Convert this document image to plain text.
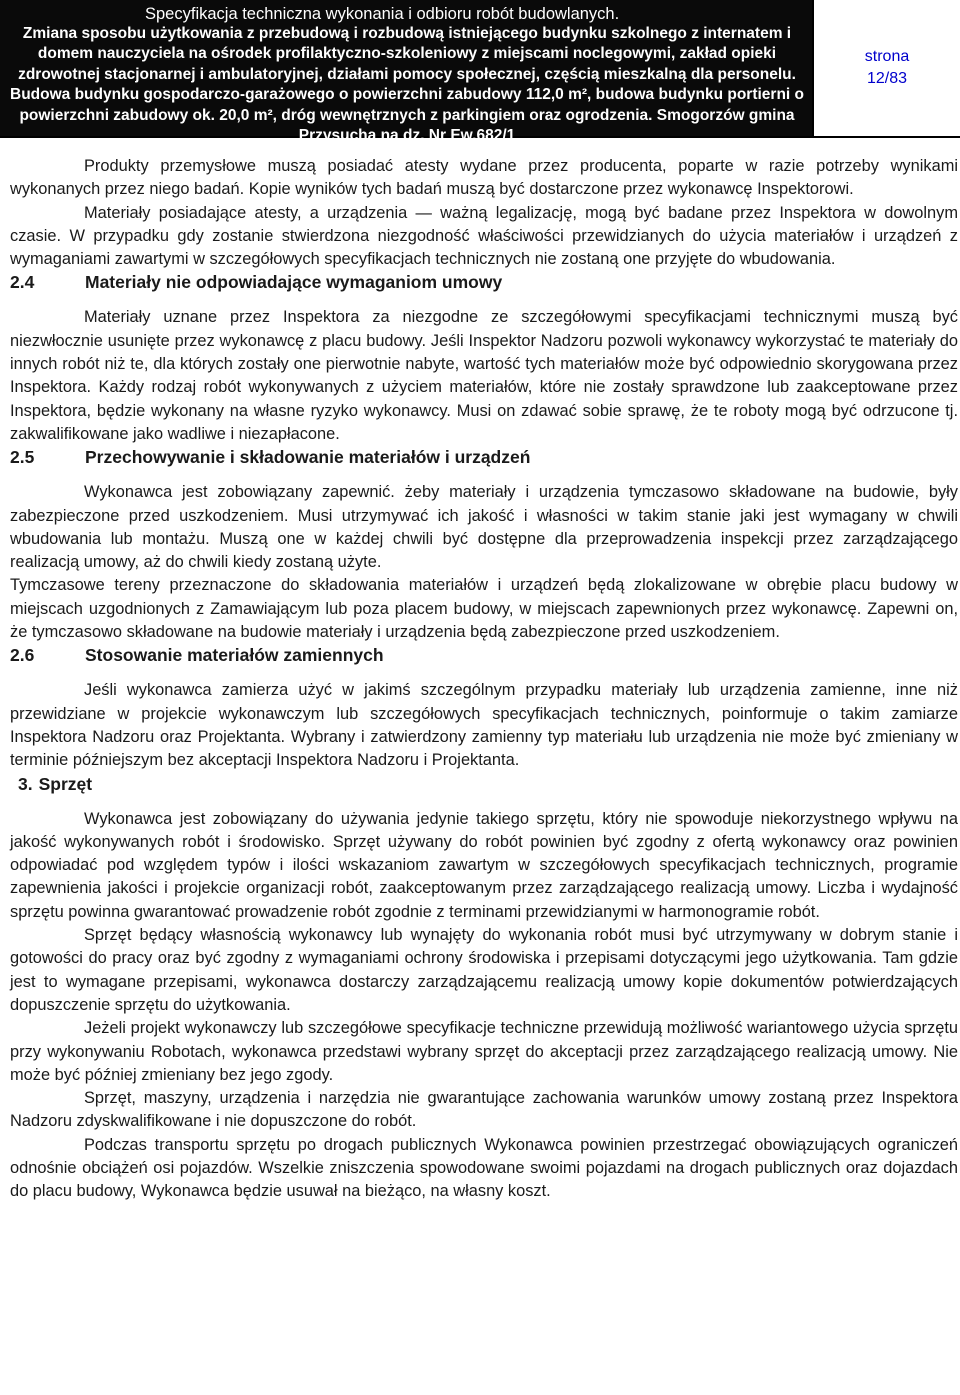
Specyfikacja techniczna wykonania i odbioru robót budowlanych.
Zmiana sposobu użytkowania z przebudową i rozbudową istniejącego budynku szkolnego z internatem i domem nauczyciela na ośrodek profilaktyczno-szkoleniowy z miejscami noclegowymi, zakład opieki zdrowotnej stacjonarnej i ambulatoryjnej, działami pomocy społecznej, częścią mieszkalną dla personelu. Budowa budynku gospodarczo-garażowego o powierzchni zabudowy 112,0 m², budowa budynku portierni o powierzchni zabudowy ok. 20,0 m², dróg wewnętrznych z parkingiem oraz ogrodzenia. Smogorzów gmina Przysucha na dz. Nr Ew.682/1
strona
12/83

Produkty przemysłowe muszą posiadać atesty wydane przez producenta, poparte w razie potrzeby wynikami wykonanych przez niego badań. Kopie wyników tych badań muszą być dostarczone przez wykonawcę Inspektorowi.

Materiały posiadające atesty, a urządzenia — ważną legalizację, mogą być badane przez Inspektora w dowolnym czasie. W przypadku gdy zostanie stwierdzona niezgodność właściwości przewidzianych do użycia materiałów i urządzeń z wymaganiami zawartymi w szczegółowych specyfikacjach technicznych nie zostaną one przyjęte do wbudowania.

2.4	Materiały nie odpowiadające wymaganiom umowy

Materiały uznane przez Inspektora za niezgodne ze szczegółowymi specyfikacjami technicznymi muszą być niezwłocznie usunięte przez wykonawcę z placu budowy. Jeśli Inspektor Nadzoru pozwoli wykonawcy wykorzystać te materiały do innych robót niż te, dla których zostały one pierwotnie nabyte, wartość tych materiałów może być odpowiednio skorygowana przez Inspektora. Każdy rodzaj robót wykonywanych z użyciem materiałów, które nie zostały sprawdzone lub zaakceptowane przez Inspektora, będzie wykonany na własne ryzyko wykonawcy. Musi on zdawać sobie sprawę, że te roboty mogą być odrzucone tj. zakwalifikowane jako wadliwe i niezapłacone.

2.5	Przechowywanie i składowanie materiałów i urządzeń

Wykonawca jest zobowiązany zapewnić. żeby materiały i urządzenia tymczasowo składowane na budowie, były zabezpieczone przed uszkodzeniem. Musi utrzymywać ich jakość i własności w takim stanie jaki jest wymagany w chwili wbudowania lub montażu. Muszą one w każdej chwili być dostępne dla przeprowadzenia inspekcji przez zarządzającego realizacją umowy, aż do chwili kiedy zostaną użyte.

Tymczasowe tereny przeznaczone do składowania materiałów i urządzeń będą zlokalizowane w obrębie placu budowy w miejscach uzgodnionych z Zamawiającym lub poza placem budowy, w miejscach zapewnionych przez wykonawcę. Zapewni on, że tymczasowo składowane na budowie materiały i urządzenia będą zabezpieczone przed uszkodzeniem.

2.6	Stosowanie materiałów zamiennych

Jeśli wykonawca zamierza użyć w jakimś szczególnym przypadku materiały lub urządzenia zamienne, inne niż przewidziane w projekcie wykonawczym lub szczegółowych specyfikacjach technicznych, poinformuje o takim zamiarze Inspektora Nadzoru oraz Projektanta. Wybrany i zatwierdzony zamienny typ materiału lub urządzenia nie może być zmieniany w terminie późniejszym bez akceptacji Inspektora Nadzoru i Projektanta.

3. Sprzęt

Wykonawca jest zobowiązany do używania jedynie takiego sprzętu, który nie spowoduje niekorzystnego wpływu na jakość wykonywanych robót i środowisko. Sprzęt używany do robót powinien być zgodny z ofertą wykonawcy oraz powinien odpowiadać pod względem typów i ilości wskazaniom zawartym w szczegółowych specyfikacjach technicznych, programie zapewnienia jakości i projekcie organizacji robót, zaakceptowanym przez zarządzającego realizacją umowy. Liczba i wydajność sprzętu powinna gwarantować prowadzenie robót zgodnie z terminami przewidzianymi w harmonogramie robót.

Sprzęt będący własnością wykonawcy lub wynajęty do wykonania robót musi być utrzymywany w dobrym stanie i gotowości do pracy oraz być zgodny z wymaganiami ochrony środowiska i przepisami dotyczącymi jego użytkowania. Tam gdzie jest to wymagane przepisami, wykonawca dostarczy zarządzającemu realizacją umowy kopie dokumentów potwierdzających dopuszczenie sprzętu do użytkowania.

Jeżeli projekt wykonawczy lub szczegółowe specyfikacje techniczne przewidują możliwość wariantowego użycia sprzętu przy wykonywaniu Robotach, wykonawca przedstawi wybrany sprzęt do akceptacji przez zarządzającego realizacją umowy. Nie może być później zmieniany bez jego zgody.

Sprzęt, maszyny, urządzenia i narzędzia nie gwarantujące zachowania warunków umowy zostaną przez Inspektora Nadzoru zdyskwalifikowane i nie dopuszczone do robót.

Podczas transportu sprzętu po drogach publicznych Wykonawca powinien przestrzegać obowiązujących ograniczeń odnośnie obciążeń osi pojazdów. Wszelkie zniszczenia spowodowane swoimi pojazdami na drogach publicznych oraz dojazdach do placu budowy, Wykonawca będzie usuwał na bieżąco, na własny koszt.
